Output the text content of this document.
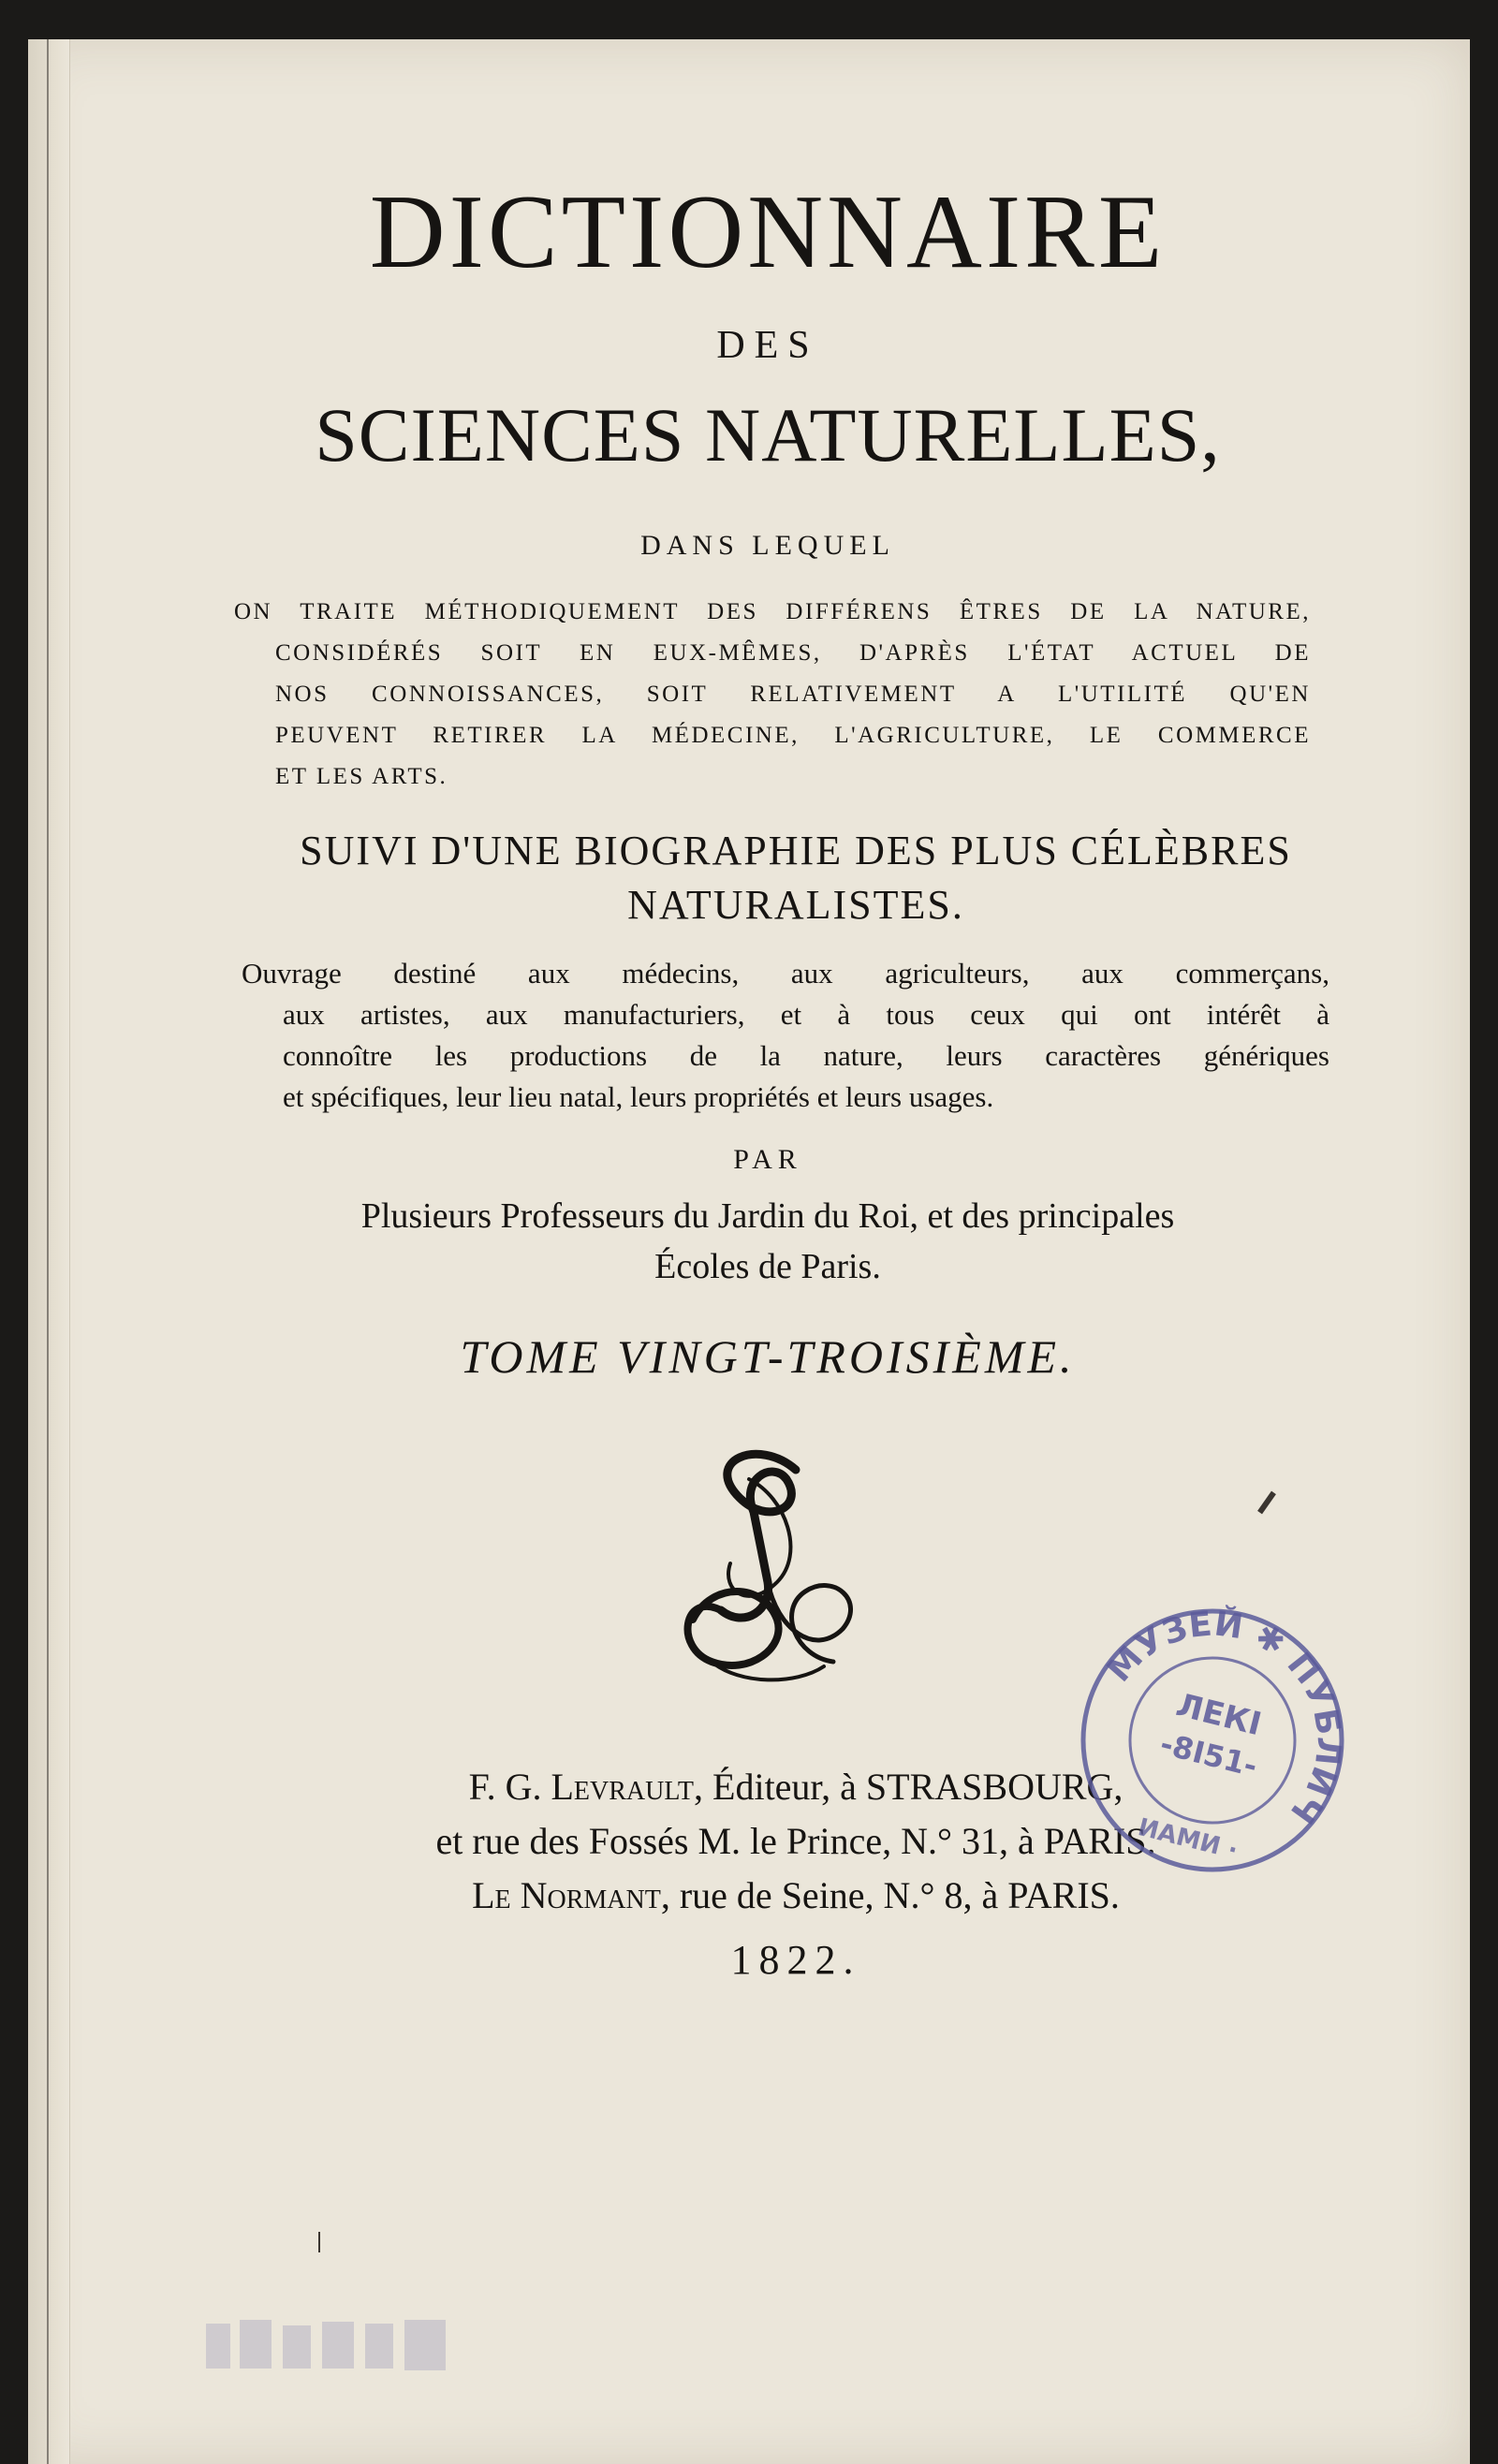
DICTIONNAIRE
DES
SCIENCES NATURELLES,
DANS LEQUEL
ON TRAITE MÉTHODIQUEMENT DES DIFFÉRENS ÊTRES DE LA NATURE,
CONSIDÉRÉS SOIT EN EUX-MÊMES, D'APRÈS L'ÉTAT ACTUEL DE
NOS CONNOISSANCES, SOIT RELATIVEMENT A L'UTILITÉ QU'EN
PEUVENT RETIRER LA MÉDECINE, L'AGRICULTURE, LE COMMERCE
ET LES ARTS.
SUIVI D'UNE BIOGRAPHIE DES PLUS CÉLÈBRES
NATURALISTES.
Ouvrage destiné aux médecins, aux agriculteurs, aux commerçans,
aux artistes, aux manufacturiers, et à tous ceux qui ont intérêt à
connoître les productions de la nature, leurs caractères génériques
et spécifiques, leur lieu natal, leurs propriétés et leurs usages.
PAR
Plusieurs Professeurs du Jardin du Roi, et des principales
Écoles de Paris.
TOME VINGT-TROISIÈME.
F. G. Levrault, Éditeur, à STRASBOURG,
et rue des Fossés M. le Prince, N.° 31, à PARIS.
Le Normant, rue de Seine, N.° 8, à PARIS.
1822.
МУЗЕЙ ✱ ПУБЛИЧ
ЛЕКІ
-8I51-
ИАМИ ·
